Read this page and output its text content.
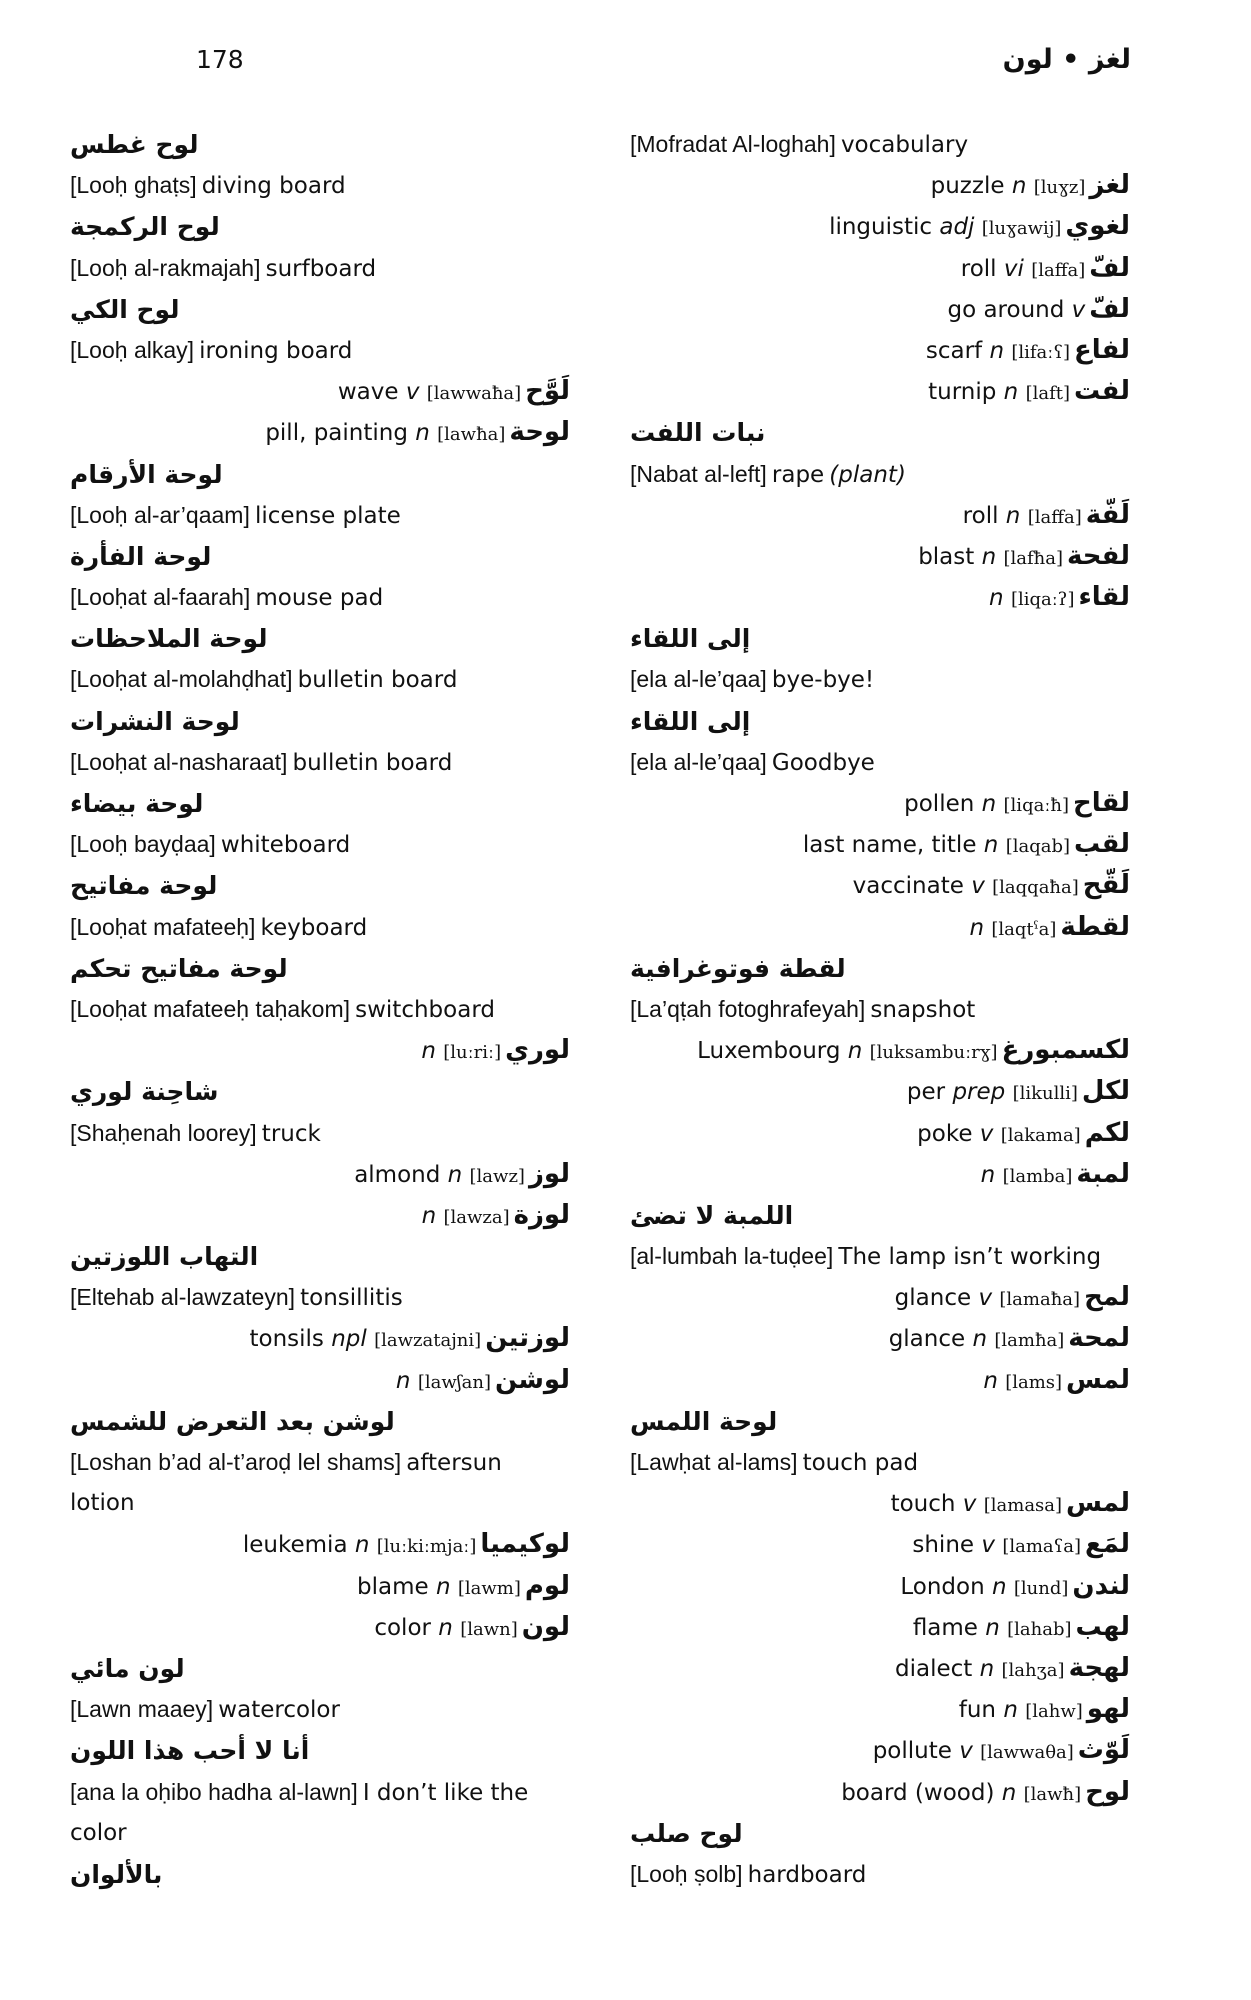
178	لغز • لون
[Mofradat Al-loghah] vocabulary
لغز
puzzle n [luɣz]
لغوي
linguistic adj [luɣawij]
لفّ
roll vi [laffa]
لفّ
go around v
لفاع
scarf n [lifaːʕ]
لفت
turnip n [laft]
نبات اللفت
[Nabat al-left] rape (plant)
لَفّة
roll n [laffa]
لفحة
blast n [lafħa]
لقاء
n [liqaːʔ]
إلى اللقاء
[ela al-le’qaa] bye-bye!
إلى اللقاء
[ela al-le’qaa] Goodbye
لقاح
pollen n [liqaːħ]
لقب
last name, title n [laqab]
لَقّح
vaccinate v [laqqaħa]
لقطة
n [laqtˤa]
لقطة فوتوغرافية
[La’qṭah fotoghrafeyah] snapshot
لكسمبورغ
Luxembourg n [luksambuːrɣ]
لكل
per prep [likulli]
لكم
poke v [lakama]
لمبة
n [lamba]
اللمبة لا تضئ
[al-lumbah la-tuḍee] The lamp isn’t working
لمح
glance v [lamaħa]
لمحة
glance n [lamħa]
لمس
n [lams]
لوحة اللمس
[Lawḥat al-lams] touch pad
لمس
touch v [lamasa]
لمَع
shine v [lamaʕa]
لندن
London n [lund]
لهب
flame n [lahab]
لهجة
dialect n [lahʒa]
لهو
fun n [lahw]
لَوّث
pollute v [lawwaθa]
لوح
board (wood) n [lawħ]
لوح صلب
[Looḥ ṣolb] hardboard
لوح غطس
[Looḥ ghaṭs] diving board
لوح الركمجة
[Looḥ al-rakmajah] surfboard
لوح الكي
[Looḥ alkay] ironing board
لَوَّح
wave v [lawwaħa]
لوحة
pill, painting n [lawħa]
لوحة الأرقام
[Looḥ al-ar’qaam] license plate
لوحة الفأرة
[Looḥat al-faarah] mouse pad
لوحة الملاحظات
[Looḥat al-molahḍhat] bulletin board
لوحة النشرات
[Looḥat al-nasharaat] bulletin board
لوحة بيضاء
[Looḥ bayḍaa] whiteboard
لوحة مفاتيح
[Looḥat mafateeḥ] keyboard
لوحة مفاتيح تحكم
[Looḥat mafateeḥ taḥakom] switchboard
لوري
n [luːriː]
شاحِنة لوري
[Shaḥenah loorey] truck
لوز
almond n [lawz]
لوزة
n [lawza]
التهاب اللوزتين
[Eltehab al-lawzateyn] tonsillitis
لوزتين
tonsils npl [lawzatajni]
لوشن
n [lawʃan]
لوشن بعد التعرض للشمس
[Loshan b’ad al-t’aroḍ lel shams] aftersun
lotion
لوكيميا
leukemia n [luːkiːmjaː]
لوم
blame n [lawm]
لون
color n [lawn]
لون مائي
[Lawn maaey] watercolor
أنا لا أحب هذا اللون
[ana la oḥibo hadha al-lawn] I don’t like the
color
بالألوان
